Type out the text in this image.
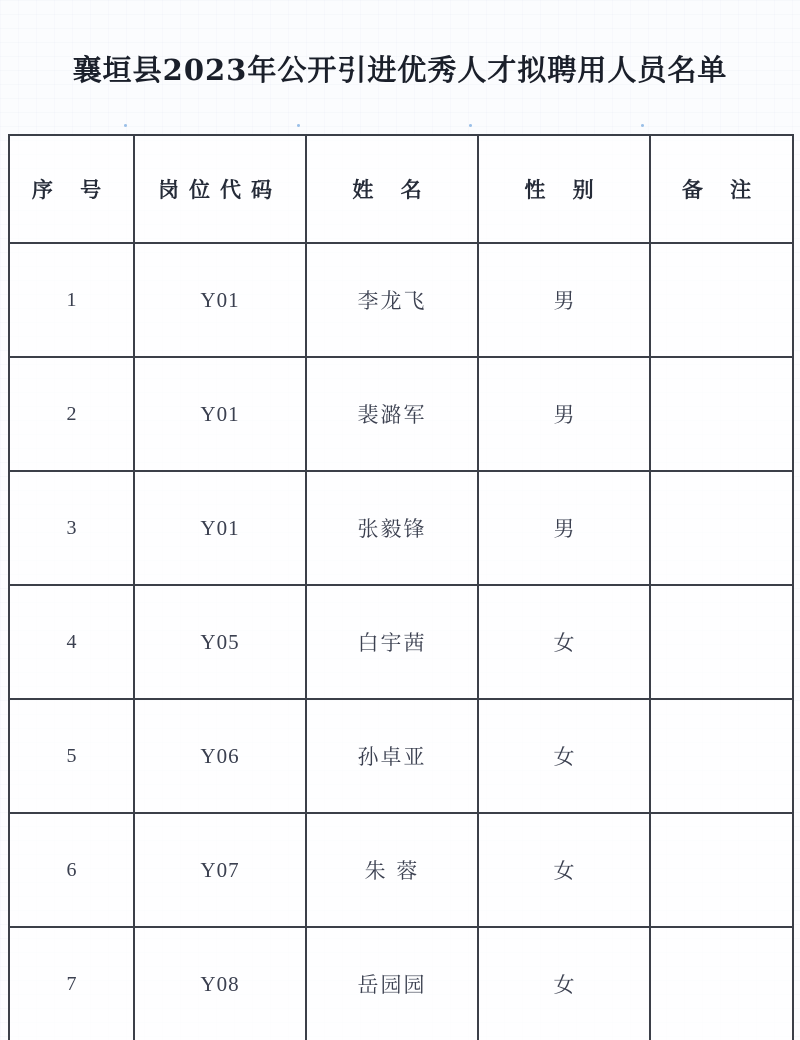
襄垣县2023年公开引进优秀人才拟聘用人员名单
序 号	岗位代码	姓 名	性 别	备 注
1	Y01	李龙飞	男	
2	Y01	裴潞军	男	
3	Y01	张毅锋	男	
4	Y05	白宇茜	女	
5	Y06	孙卓亚	女	
6	Y07	朱 蓉	女	
7	Y08	岳园园	女	
